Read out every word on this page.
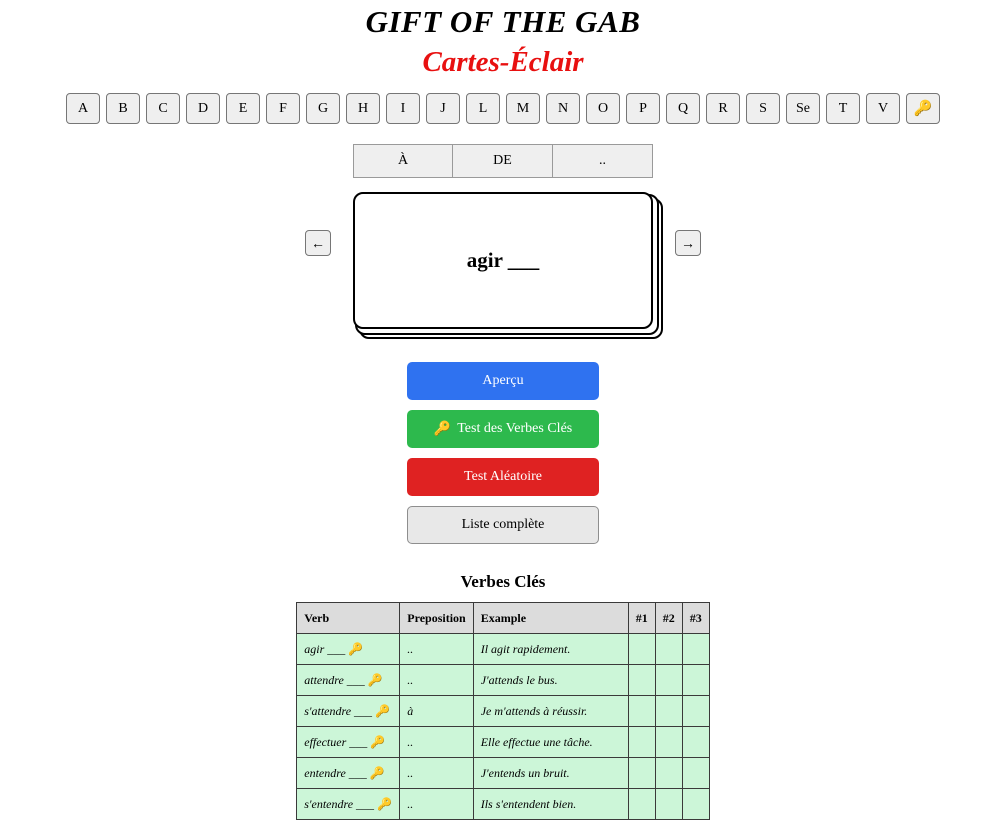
GIFT OF THE GAB
Cartes-Éclair
A	B	C	D	E	F	G	H	I	J	L	M	N	O	P	Q	R	S	Se	T	V	🔑
À	DE	..
agir ___
←	→
Aperçu
🔑 Test des Verbes Clés
Test Aléatoire
Liste complète
Verbes Clés
Verb	Preposition	Example	#1	#2	#3
agir ___ 🔑	..	Il agit rapidement.			
attendre ___ 🔑	..	J'attends le bus.			
s'attendre ___ 🔑	à	Je m'attends à réussir.			
effectuer ___ 🔑	..	Elle effectue une tâche.			
entendre ___ 🔑	..	J'entends un bruit.			
s'entendre ___ 🔑	..	Ils s'entendent bien.			
